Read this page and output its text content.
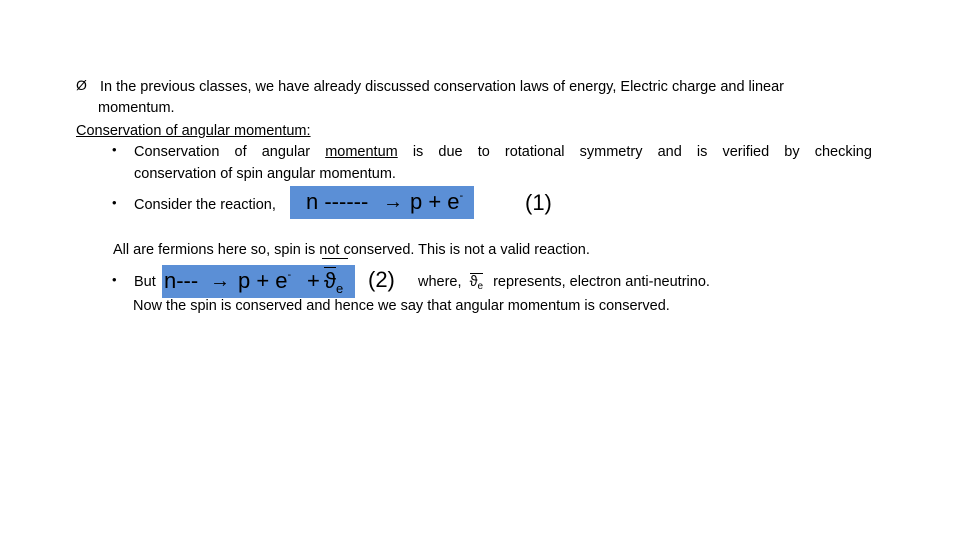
Ø In the previous classes, we have already discussed conservation laws of energy, Electric charge and linear
momentum.
Conservation of angular momentum:
• Conservation of angular momentum is due to rotational symmetry and is verified by checking
conservation of spin angular momentum.
• Consider the reaction, n ------ → p + e-	(1)
All are fermions here so, spin is not conserved. This is not a valid reaction.
• But $n--- \to p + e^- + ϑ_e$ (2) where, $ϑ_e$ represents, electron anti-neutrino.
Now the spin is conserved and hence we say that angular momentum is conserved.
